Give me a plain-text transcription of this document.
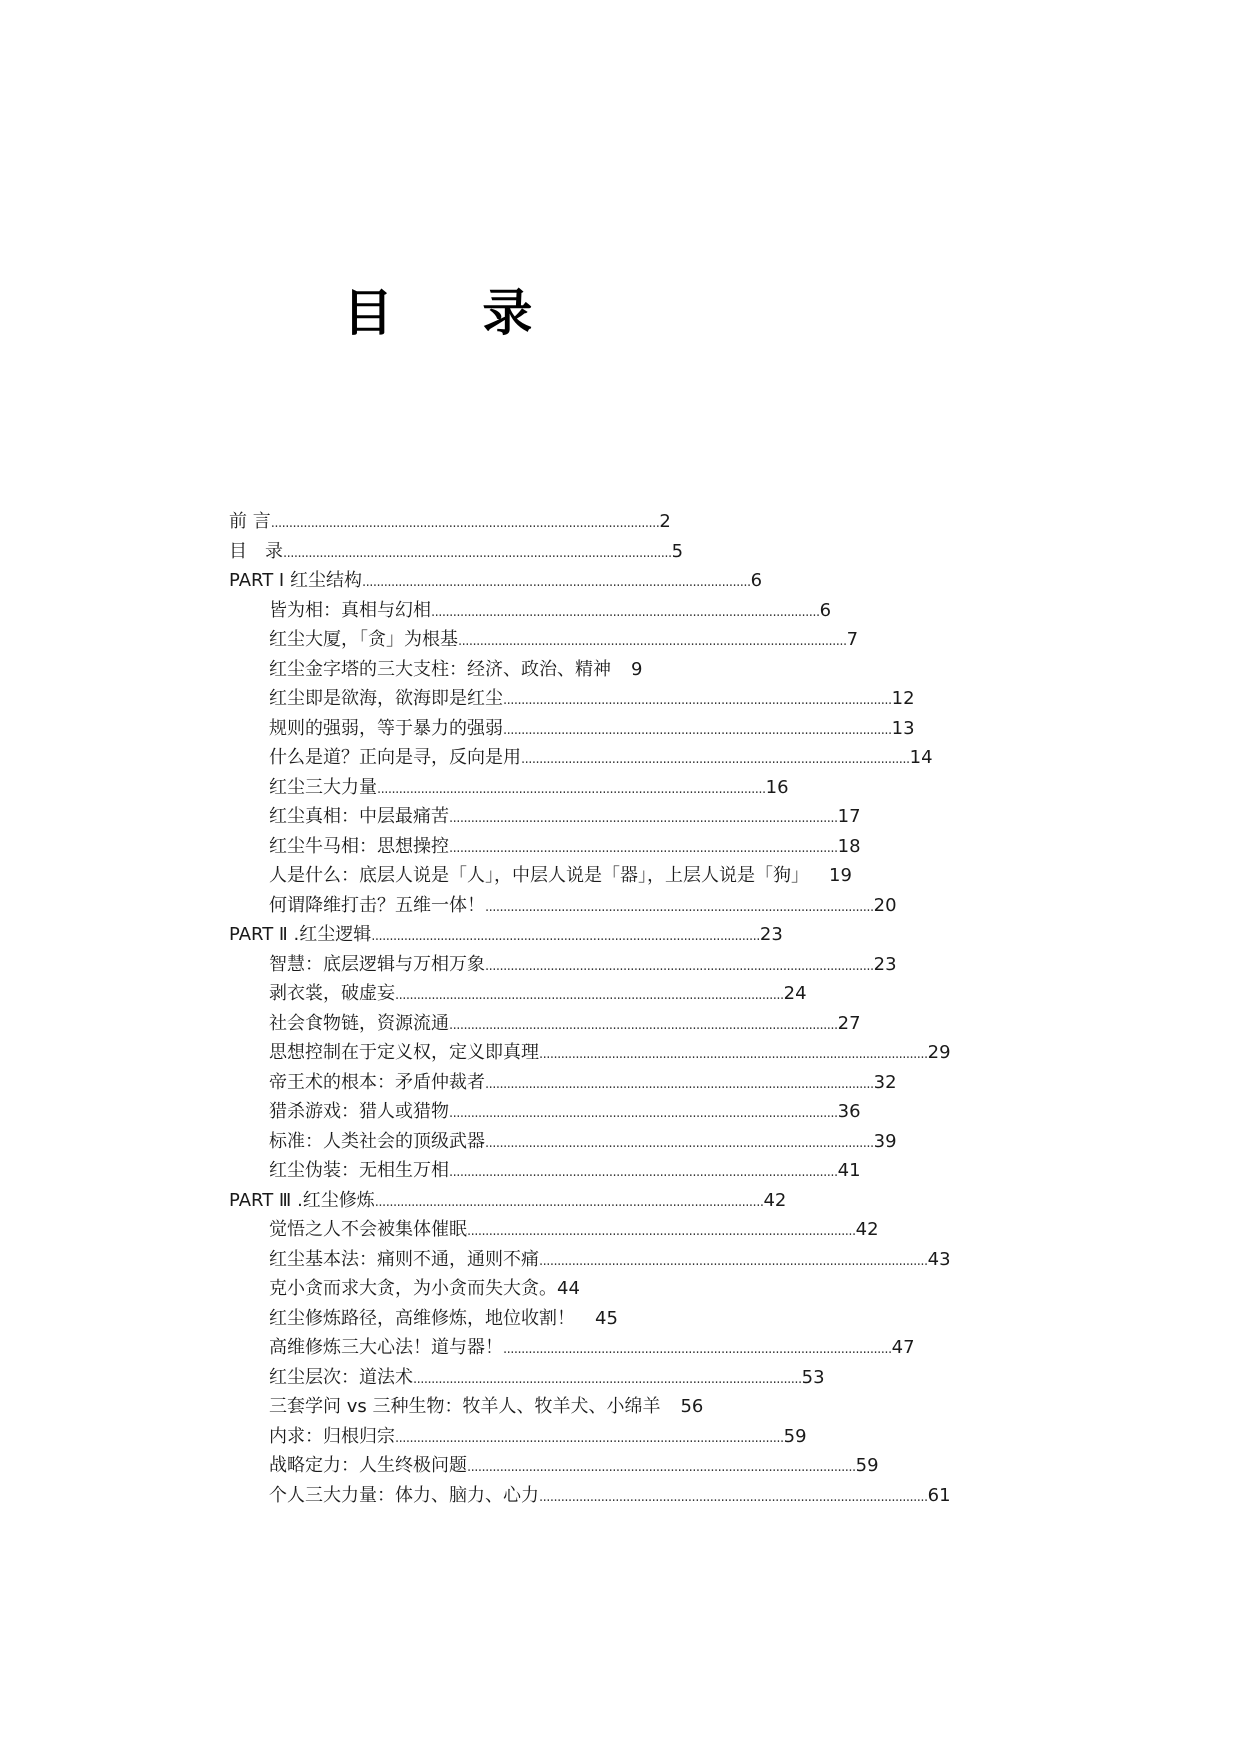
目 录
前 言 ........................................................................................................... 2
目　录 ........................................................................................................... 5
PART Ⅰ 红尘结构 ........................................................................................................... 6
皆为相：真相与幻相 ........................................................................................................... 6
红尘大厦，「贪」为根基 ........................................................................................................... 7
红尘金字塔的三大支柱：经济、政治、精神 9
红尘即是欲海，欲海即是红尘 ........................................................................................................... 12
规则的强弱，等于暴力的强弱 ........................................................................................................... 13
什么是道？正向是寻，反向是用 ........................................................................................................... 14
红尘三大力量 ........................................................................................................... 16
红尘真相：中层最痛苦 ........................................................................................................... 17
红尘牛马相：思想操控 ........................................................................................................... 18
人是什么：底层人说是「人」，中层人说是「器」，上层人说是「狗」 19
何谓降维打击？五维一体！ ........................................................................................................... 20
PART Ⅱ .红尘逻辑 ........................................................................................................... 23
智慧：底层逻辑与万相万象 ........................................................................................................... 23
剥衣裳，破虚妄 ........................................................................................................... 24
社会食物链，资源流通 ........................................................................................................... 27
思想控制在于定义权，定义即真理 ........................................................................................................... 29
帝王术的根本：矛盾仲裁者 ........................................................................................................... 32
猎杀游戏：猎人或猎物 ........................................................................................................... 36
标准：人类社会的顶级武器 ........................................................................................................... 39
红尘伪装：无相生万相 ........................................................................................................... 41
PART Ⅲ .红尘修炼 ........................................................................................................... 42
觉悟之人不会被集体催眠 ........................................................................................................... 42
红尘基本法：痛则不通，通则不痛 ........................................................................................................... 43
克小贪而求大贪，为小贪而失大贪。 44
红尘修炼路径，高维修炼，地位收割！ 45
高维修炼三大心法！道与器！ ........................................................................................................... 47
红尘层次：道法术 ........................................................................................................... 53
三套学问 vs 三种生物：牧羊人、牧羊犬、小绵羊 56
内求：归根归宗 ........................................................................................................... 59
战略定力：人生终极问题 ........................................................................................................... 59
个人三大力量：体力、脑力、心力 ........................................................................................................... 61
